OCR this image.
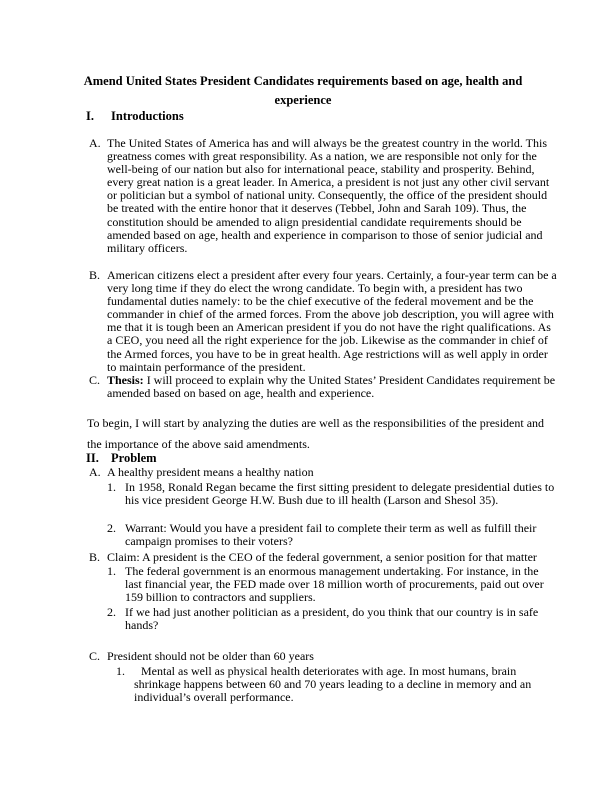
Amend United States President Candidates requirements based on age, health and experience
I. Introductions
A. The United States of America has and will always be the greatest country in the world. This greatness comes with great responsibility. As a nation, we are responsible not only for the well-being of our nation but also for international peace, stability and prosperity. Behind, every great nation is a great leader. In America, a president is not just any other civil servant or politician but a symbol of national unity. Consequently, the office of the president should be treated with the entire honor that it deserves (Tebbel, John and Sarah 109). Thus, the constitution should be amended to align presidential candidate requirements should be amended based on age, health and experience in comparison to those of senior judicial and military officers.
B. American citizens elect a president after every four years. Certainly, a four-year term can be a very long time if they do elect the wrong candidate. To begin with, a president has two fundamental duties namely: to be the chief executive of the federal movement and be the commander in chief of the armed forces. From the above job description, you will agree with me that it is tough been an American president if you do not have the right qualifications. As a CEO, you need all the right experience for the job. Likewise as the commander in chief of the Armed forces, you have to be in great health. Age restrictions will as well apply in order to maintain performance of the president.
C. Thesis: I will proceed to explain why the United States’ President Candidates requirement be amended based on based on age, health and experience.
To begin, I will start by analyzing the duties are well as the responsibilities of the president and the importance of the above said amendments.
II. Problem
A. A healthy president means a healthy nation
1. In 1958, Ronald Regan became the first sitting president to delegate presidential duties to his vice president George H.W. Bush due to ill health (Larson and Shesol 35).
2. Warrant: Would you have a president fail to complete their term as well as fulfill their campaign promises to their voters?
B. Claim: A president is the CEO of the federal government, a senior position for that matter
1. The federal government is an enormous management undertaking. For instance, in the last financial year, the FED made over 18 million worth of procurements, paid out over 159 billion to contractors and suppliers.
2. If we had just another politician as a president, do you think that our country is in safe hands?
C. President should not be older than 60 years
1.	Mental as well as physical health deteriorates with age. In most humans, brain shrinkage happens between 60 and 70 years leading to a decline in memory and an individual’s overall performance.
